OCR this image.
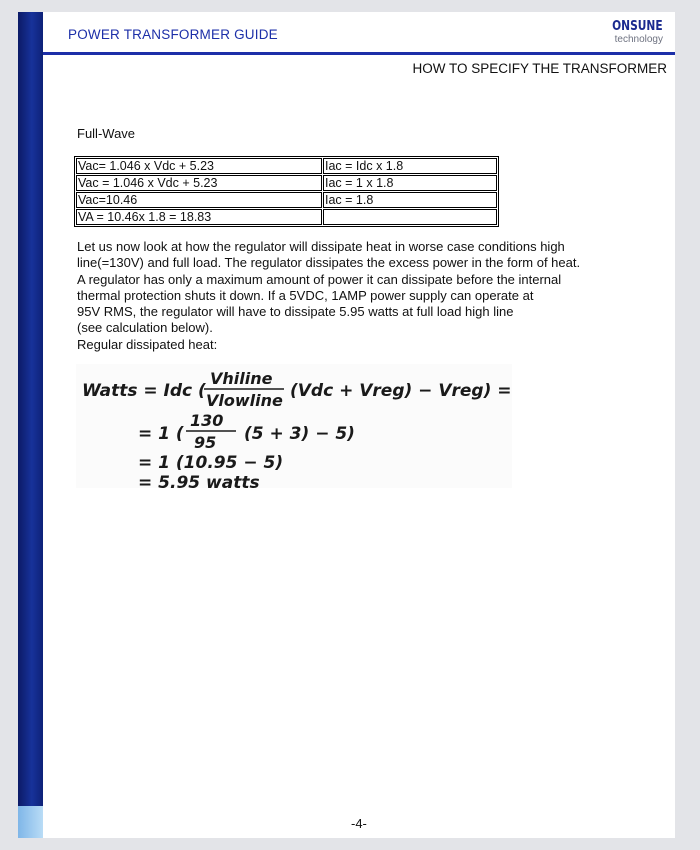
POWER TRANSFORMER GUIDE
ONSUNE
technology
HOW TO SPECIFY THE TRANSFORMER
Full-Wave
Vac= 1.046 x Vdc + 5.23	Iac = Idc x 1.8
Vac = 1.046 x Vdc + 5.23	Iac = 1 x 1.8
Vac=10.46	Iac = 1.8
VA = 10.46x 1.8 = 18.83	
Let us now look at how the regulator will dissipate heat in worse case conditions high
line(=130V) and full load. The regulator dissipates the excess power in the form of heat.
A regulator has only a maximum amount of power it can dissipate before the internal
thermal protection shuts it down. If a 5VDC, 1AMP power supply can operate at
95V RMS, the regulator will have to dissipate 5.95 watts at full load high line
(see calculation below).
Regular dissipated heat:
Watts = Idc (
Vhiline
Vlowline (Vdc + Vreg) − Vreg) =
= 1 (
130
95 (5 + 3) − 5)
= 1 (10.95 − 5)
= 5.95 watts
-4-
